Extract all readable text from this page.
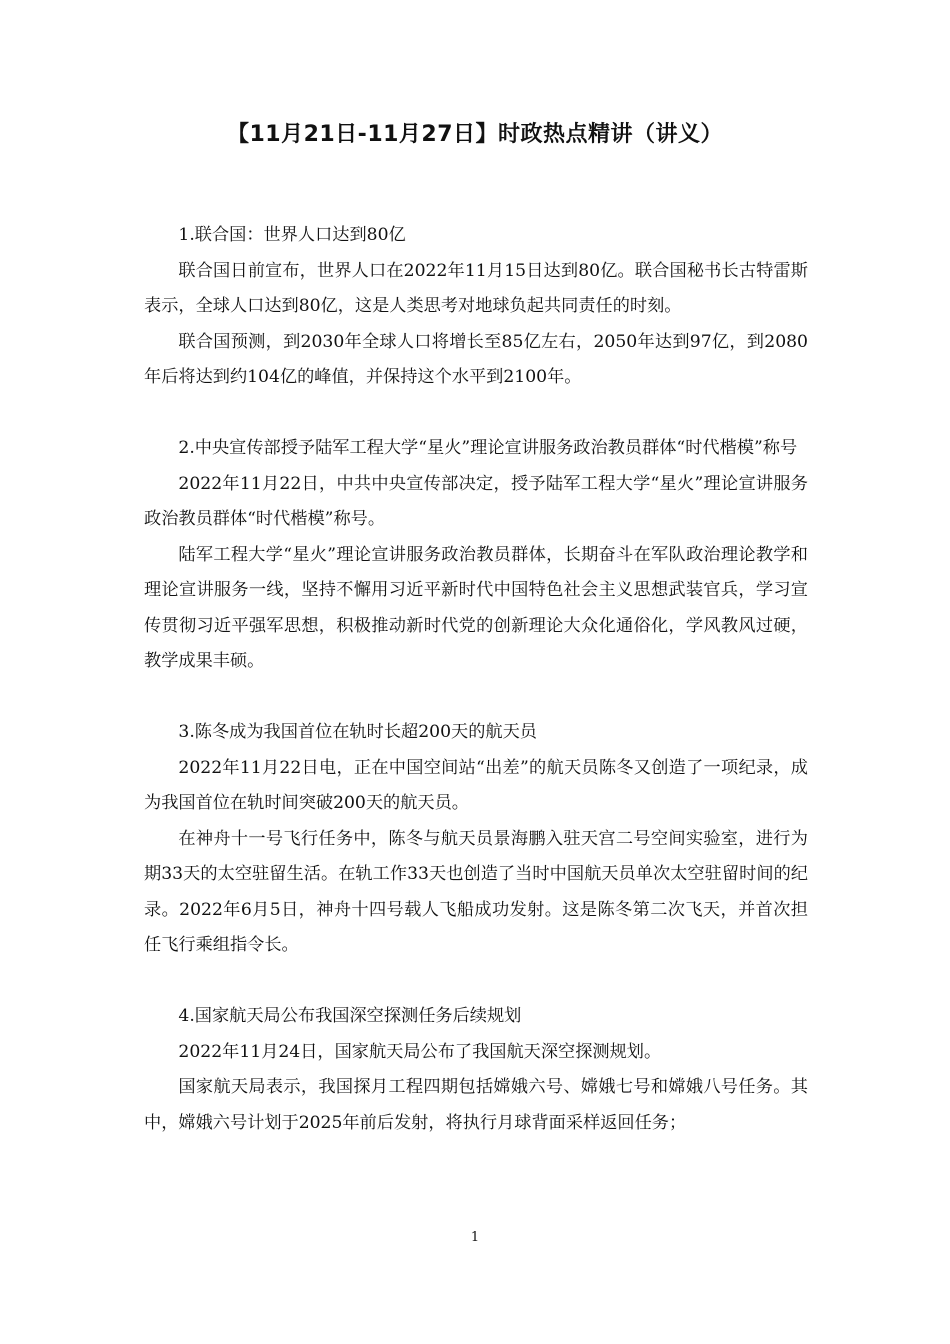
【11月21日-11月27日】时政热点精讲（讲义）

1.联合国：世界人口达到80亿

联合国日前宣布，世界人口在2022年11月15日达到80亿。联合国秘书长古特雷斯表示，全球人口达到80亿，这是人类思考对地球负起共同责任的时刻。

联合国预测，到2030年全球人口将增长至85亿左右，2050年达到97亿，到2080年后将达到约104亿的峰值，并保持这个水平到2100年。

2.中央宣传部授予陆军工程大学“星火”理论宣讲服务政治教员群体“时代楷模”称号

2022年11月22日，中共中央宣传部决定，授予陆军工程大学“星火”理论宣讲服务政治教员群体“时代楷模”称号。

陆军工程大学“星火”理论宣讲服务政治教员群体，长期奋斗在军队政治理论教学和理论宣讲服务一线，坚持不懈用习近平新时代中国特色社会主义思想武装官兵，学习宣传贯彻习近平强军思想，积极推动新时代党的创新理论大众化通俗化，学风教风过硬，教学成果丰硕。

3.陈冬成为我国首位在轨时长超200天的航天员

2022年11月22日电，正在中国空间站“出差”的航天员陈冬又创造了一项纪录，成为我国首位在轨时间突破200天的航天员。

在神舟十一号飞行任务中，陈冬与航天员景海鹏入驻天宫二号空间实验室，进行为期33天的太空驻留生活。在轨工作33天也创造了当时中国航天员单次太空驻留时间的纪录。2022年6月5日，神舟十四号载人飞船成功发射。这是陈冬第二次飞天，并首次担任飞行乘组指令长。

4.国家航天局公布我国深空探测任务后续规划

2022年11月24日，国家航天局公布了我国航天深空探测规划。

国家航天局表示，我国探月工程四期包括嫦娥六号、嫦娥七号和嫦娥八号任务。其中，嫦娥六号计划于2025年前后发射，将执行月球背面采样返回任务；

1
